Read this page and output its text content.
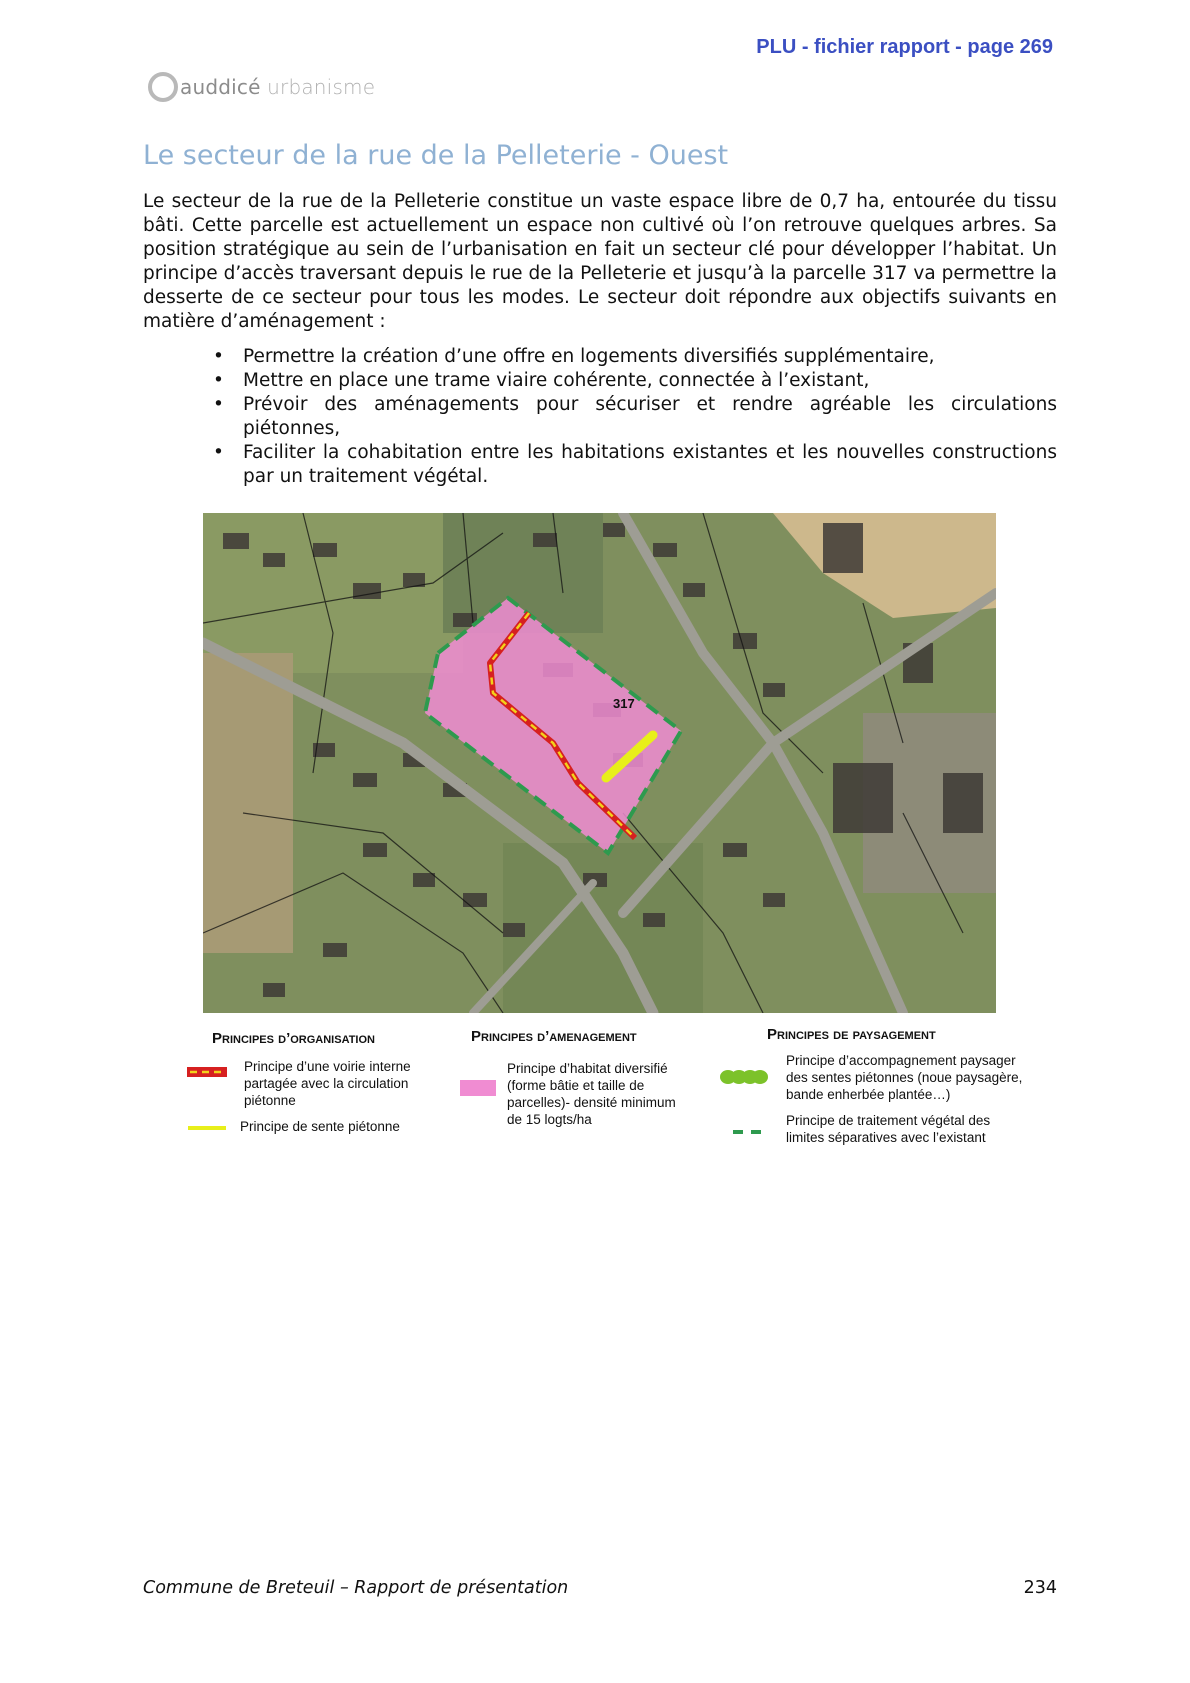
PLU - fichier rapport - page 269
auddicé urbanisme
Le secteur de la rue de la Pelleterie - Ouest

Le secteur de la rue de la Pelleterie constitue un vaste espace libre de 0,7 ha, entourée du tissu bâti. Cette parcelle est actuellement un espace non cultivé où l’on retrouve quelques arbres. Sa position stratégique au sein de l’urbanisation en fait un secteur clé pour développer l’habitat. Un principe d’accès traversant depuis le rue de la Pelleterie et jusqu’à la parcelle 317 va permettre la desserte de ce secteur pour tous les modes. Le secteur doit répondre aux objectifs suivants en matière d’aménagement :

• Permettre la création d’une offre en logements diversifiés supplémentaire,
• Mettre en place une trame viaire cohérente, connectée à l’existant,
• Prévoir des aménagements pour sécuriser et rendre agréable les circulations piétonnes,
• Faciliter la cohabitation entre les habitations existantes et les nouvelles constructions par un traitement végétal.
317
Principes d’organisation
Principe d’une voirie interne partagée avec la circulation piétonne
Principe de sente piétonne
Principes d’amenagement
Principe d’habitat diversifié (forme bâtie et taille de parcelles)- densité minimum de 15 logts/ha
Principes de paysagement
Principe d’accompagnement paysager des sentes piétonnes (noue paysagère, bande enherbée plantée…)
Principe de traitement végétal des limites séparatives avec l’existant
Commune de Breteuil – Rapport de présentation	234
